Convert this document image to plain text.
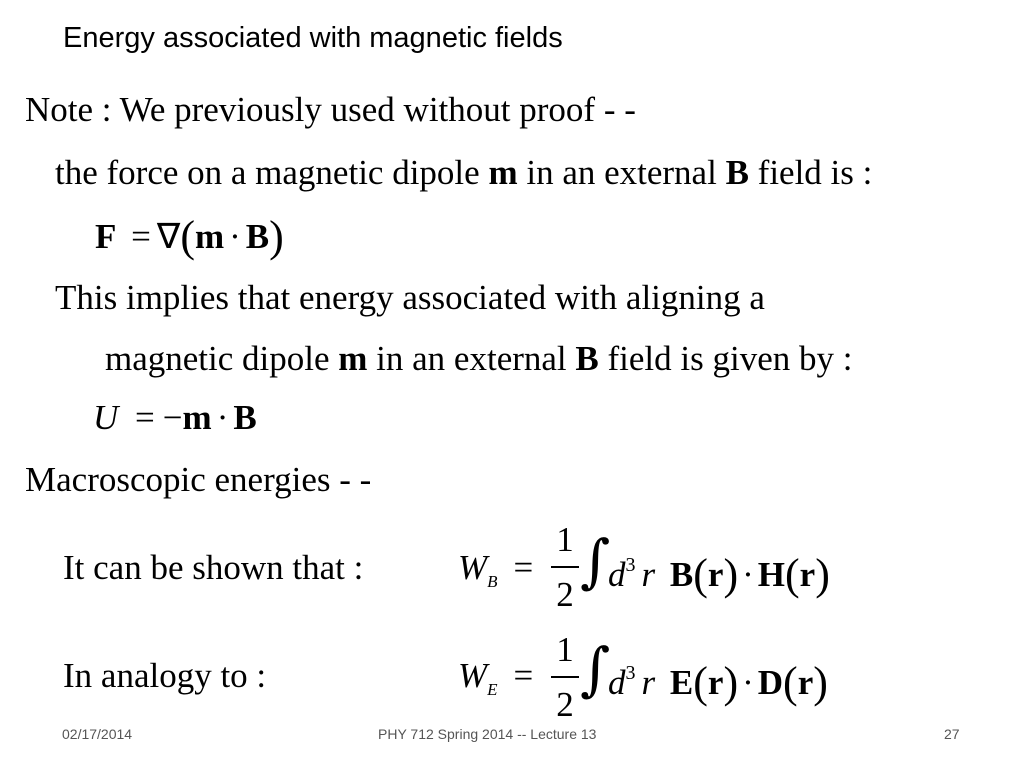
Energy associated with magnetic fields
Note : We previously used without proof - -
the force on a magnetic dipole m in an external B field is :
F = ∇(m · B)
This implies that energy associated with aligning a
magnetic dipole m in an external B field is given by :
U = −m · B
Macroscopic energies - -
It can be shown that :	$W_B$ =
1
2 ∫
$d^3$ r B(r) · H(r)
In analogy to :	$W_E$ =
1
2
∫
$d^3$ r E(r) · D(r)
02/17/2014	PHY 712 Spring 2014 -- Lecture 13	27
